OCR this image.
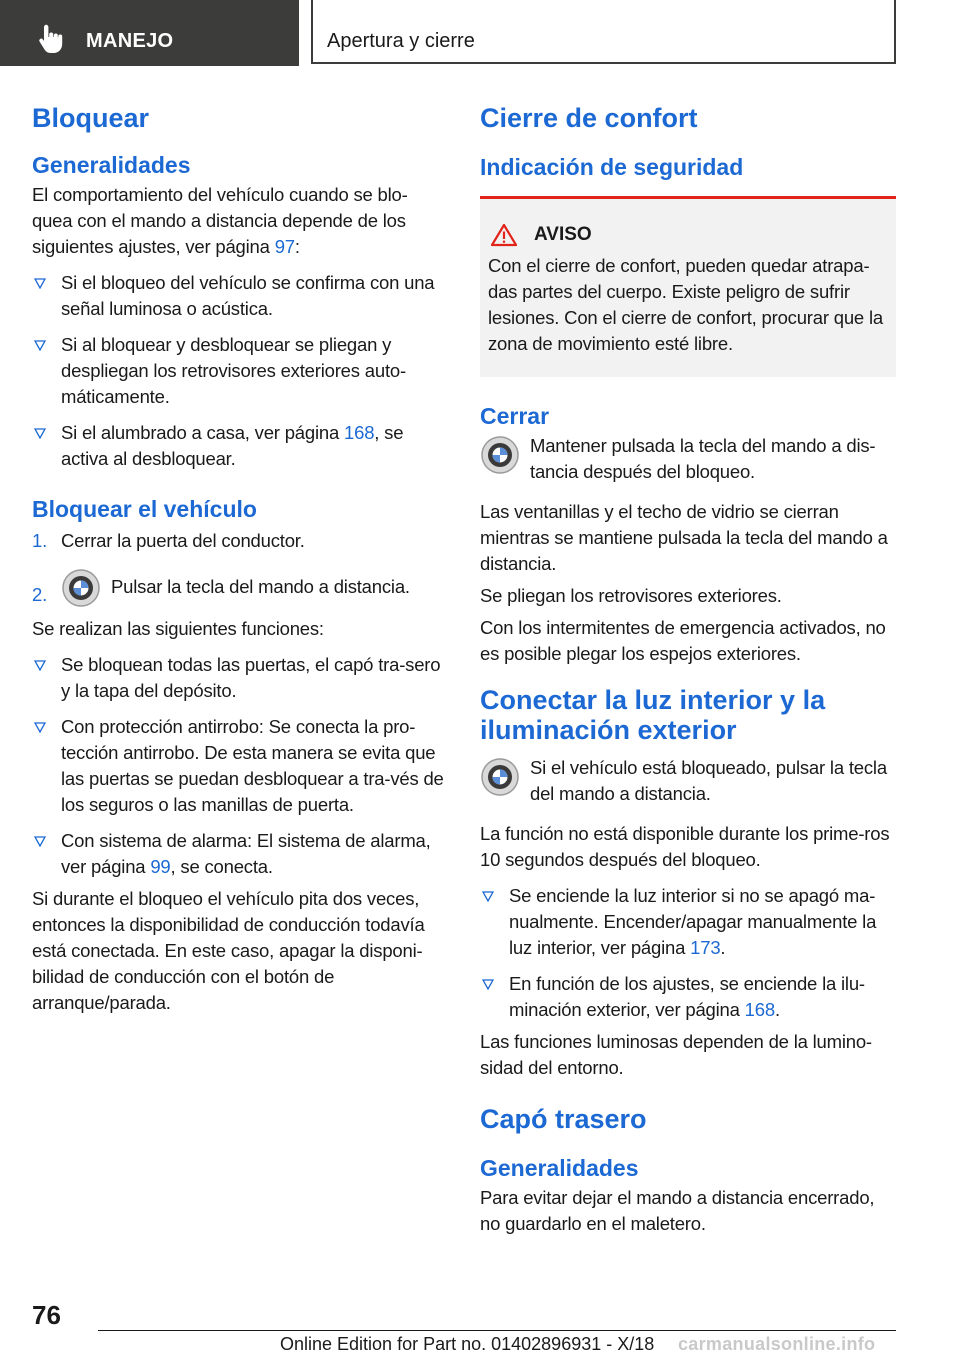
MANEJO	Apertura y cierre
Bloquear
Generalidades

El comportamiento del vehículo cuando se blo-quea con el mando a distancia depende de los siguientes ajustes, ver página 97:

Si el bloqueo del vehículo se confirma con una señal luminosa o acústica.
Si al bloquear y desbloquear se pliegan y despliegan los retrovisores exteriores auto-máticamente.
Si el alumbrado a casa, ver página 168, se activa al desbloquear.
Bloquear el vehículo
1. Cerrar la puerta del conductor.
2.	Pulsar la tecla del mando a distancia.

Se realizan las siguientes funciones:

Se bloquean todas las puertas, el capó tra-sero y la tapa del depósito.
Con protección antirrobo: Se conecta la pro-tección antirrobo. De esta manera se evita que las puertas se puedan desbloquear a tra-vés de los seguros o las manillas de puerta.
Con sistema de alarma: El sistema de alarma, ver página 99, se conecta.

Si durante el bloqueo el vehículo pita dos veces, entonces la disponibilidad de conducción todavía está conectada. En este caso, apagar la disponi-bilidad de conducción con el botón de arranque/parada.

Cierre de confort
Indicación de seguridad
AVISO

Con el cierre de confort, pueden quedar atrapa-das partes del cuerpo. Existe peligro de sufrir lesiones. Con el cierre de confort, procurar que la zona de movimiento esté libre.

Cerrar

Mantener pulsada la tecla del mando a dis-tancia después del bloqueo.

Las ventanillas y el techo de vidrio se cierran mientras se mantiene pulsada la tecla del mando a distancia.

Se pliegan los retrovisores exteriores.

Con los intermitentes de emergencia activados, no es posible plegar los espejos exteriores.

Conectar la luz interior y la iluminación exterior

Si el vehículo está bloqueado, pulsar la tecla del mando a distancia.

La función no está disponible durante los prime-ros 10 segundos después del bloqueo.

Se enciende la luz interior si no se apagó ma-nualmente. Encender/apagar manualmente la luz interior, ver página 173.
En función de los ajustes, se enciende la ilu-minación exterior, ver página 168.

Las funciones luminosas dependen de la lumino-sidad del entorno.

Capó trasero
Generalidades

Para evitar dejar el mando a distancia encerrado, no guardarlo en el maletero.

76
Online Edition for Part no. 01402896931 - X/18 carmanualsonline.info
